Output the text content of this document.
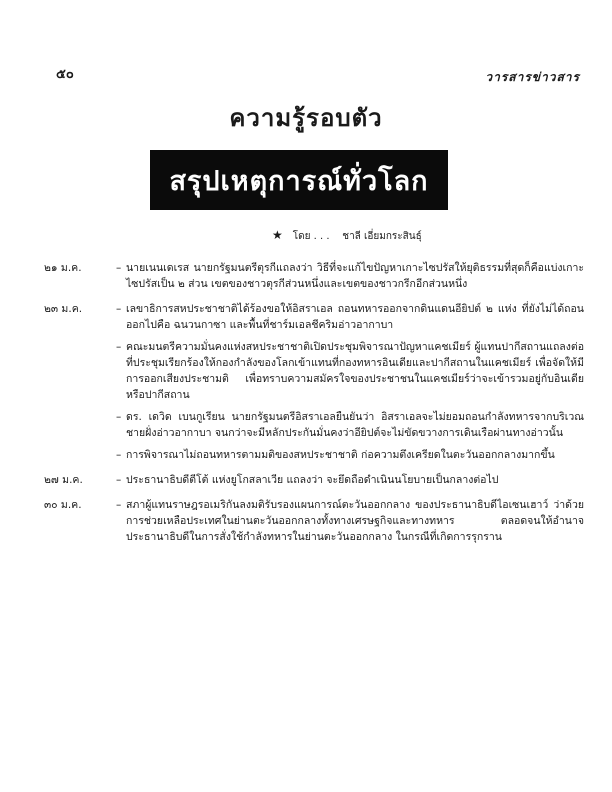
๕๐	วารสารข่าวสาร
ความรู้รอบตัว
สรุปเหตุการณ์ทั่วโลก
★ โดย . . . ชาลี เอี่ยมกระสินธุ์
๒๑ ม.ค.	– นายเนนเดเรส นายกรัฐมนตรีตุรกีแถลงว่า วิธีที่จะแก้ไขปัญหาเกาะไซปรัสให้ยุติธรรมที่สุดก็คือแบ่งเกาะไซปรัสเป็น ๒ ส่วน เขตของชาวตุรกีส่วนหนึ่งและเขตของชาวกรีกอีกส่วนหนึ่ง
๒๓ ม.ค.	– เลขาธิการสหประชาชาติได้ร้องขอให้อิสราเอล ถอนทหารออกจากดินแดนอียิปต์ ๒ แห่ง ที่ยังไม่ได้ถอนออกไปคือ ฉนวนกาซา และพื้นที่ชาร์มเอลชีคริมอ่าวอากาบา
– คณะมนตรีความมั่นคงแห่งสหประชาชาติเปิดประชุมพิจารณาปัญหาแคชเมียร์ ผู้แทนปากีสถานแถลงต่อที่ประชุมเรียกร้องให้กองกำลังของโลกเข้าแทนที่กองทหารอินเดียและปากีสถานในแคชเมียร์ เพื่อจัดให้มีการออกเสียงประชามติ เพื่อทราบความสมัครใจของประชาชนในแคชเมียร์ว่าจะเข้ารวมอยู่กับอินเดียหรือปากีสถาน
– ดร. เดวิด เบนกูเรียน นายกรัฐมนตรีอิสราเอลยืนยันว่า อิสราเอลจะไม่ยอมถอนกำลังทหารจากบริเวณชายฝั่งอ่าวอากาบา จนกว่าจะมีหลักประกันมั่นคงว่าอียิปต์จะไม่ขัดขวางการเดินเรือผ่านทางอ่าวนั้น
– การพิจารณาไม่ถอนทหารตามมติของสหประชาชาติ ก่อความตึงเครียดในตะวันออกกลางมากขึ้น
๒๗ ม.ค.	– ประธานาธิบดีตีโต้ แห่งยูโกสลาเวีย แถลงว่า จะยึดถือดำเนินนโยบายเป็นกลางต่อไป
๓๐ ม.ค.	– สภาผู้แทนราษฎรอเมริกันลงมติรับรองแผนการณ์ตะวันออกกลาง ของประธานาธิบดีไอเซนเฮาว์ ว่าด้วยการช่วยเหลือประเทศในย่านตะวันออกกลางทั้งทางเศรษฐกิจและทางทหาร ตลอดจนให้อำนาจประธานาธิบดีในการสั่งใช้กำลังทหารในย่านตะวันออกกลาง ในกรณีที่เกิดการรุกราน
